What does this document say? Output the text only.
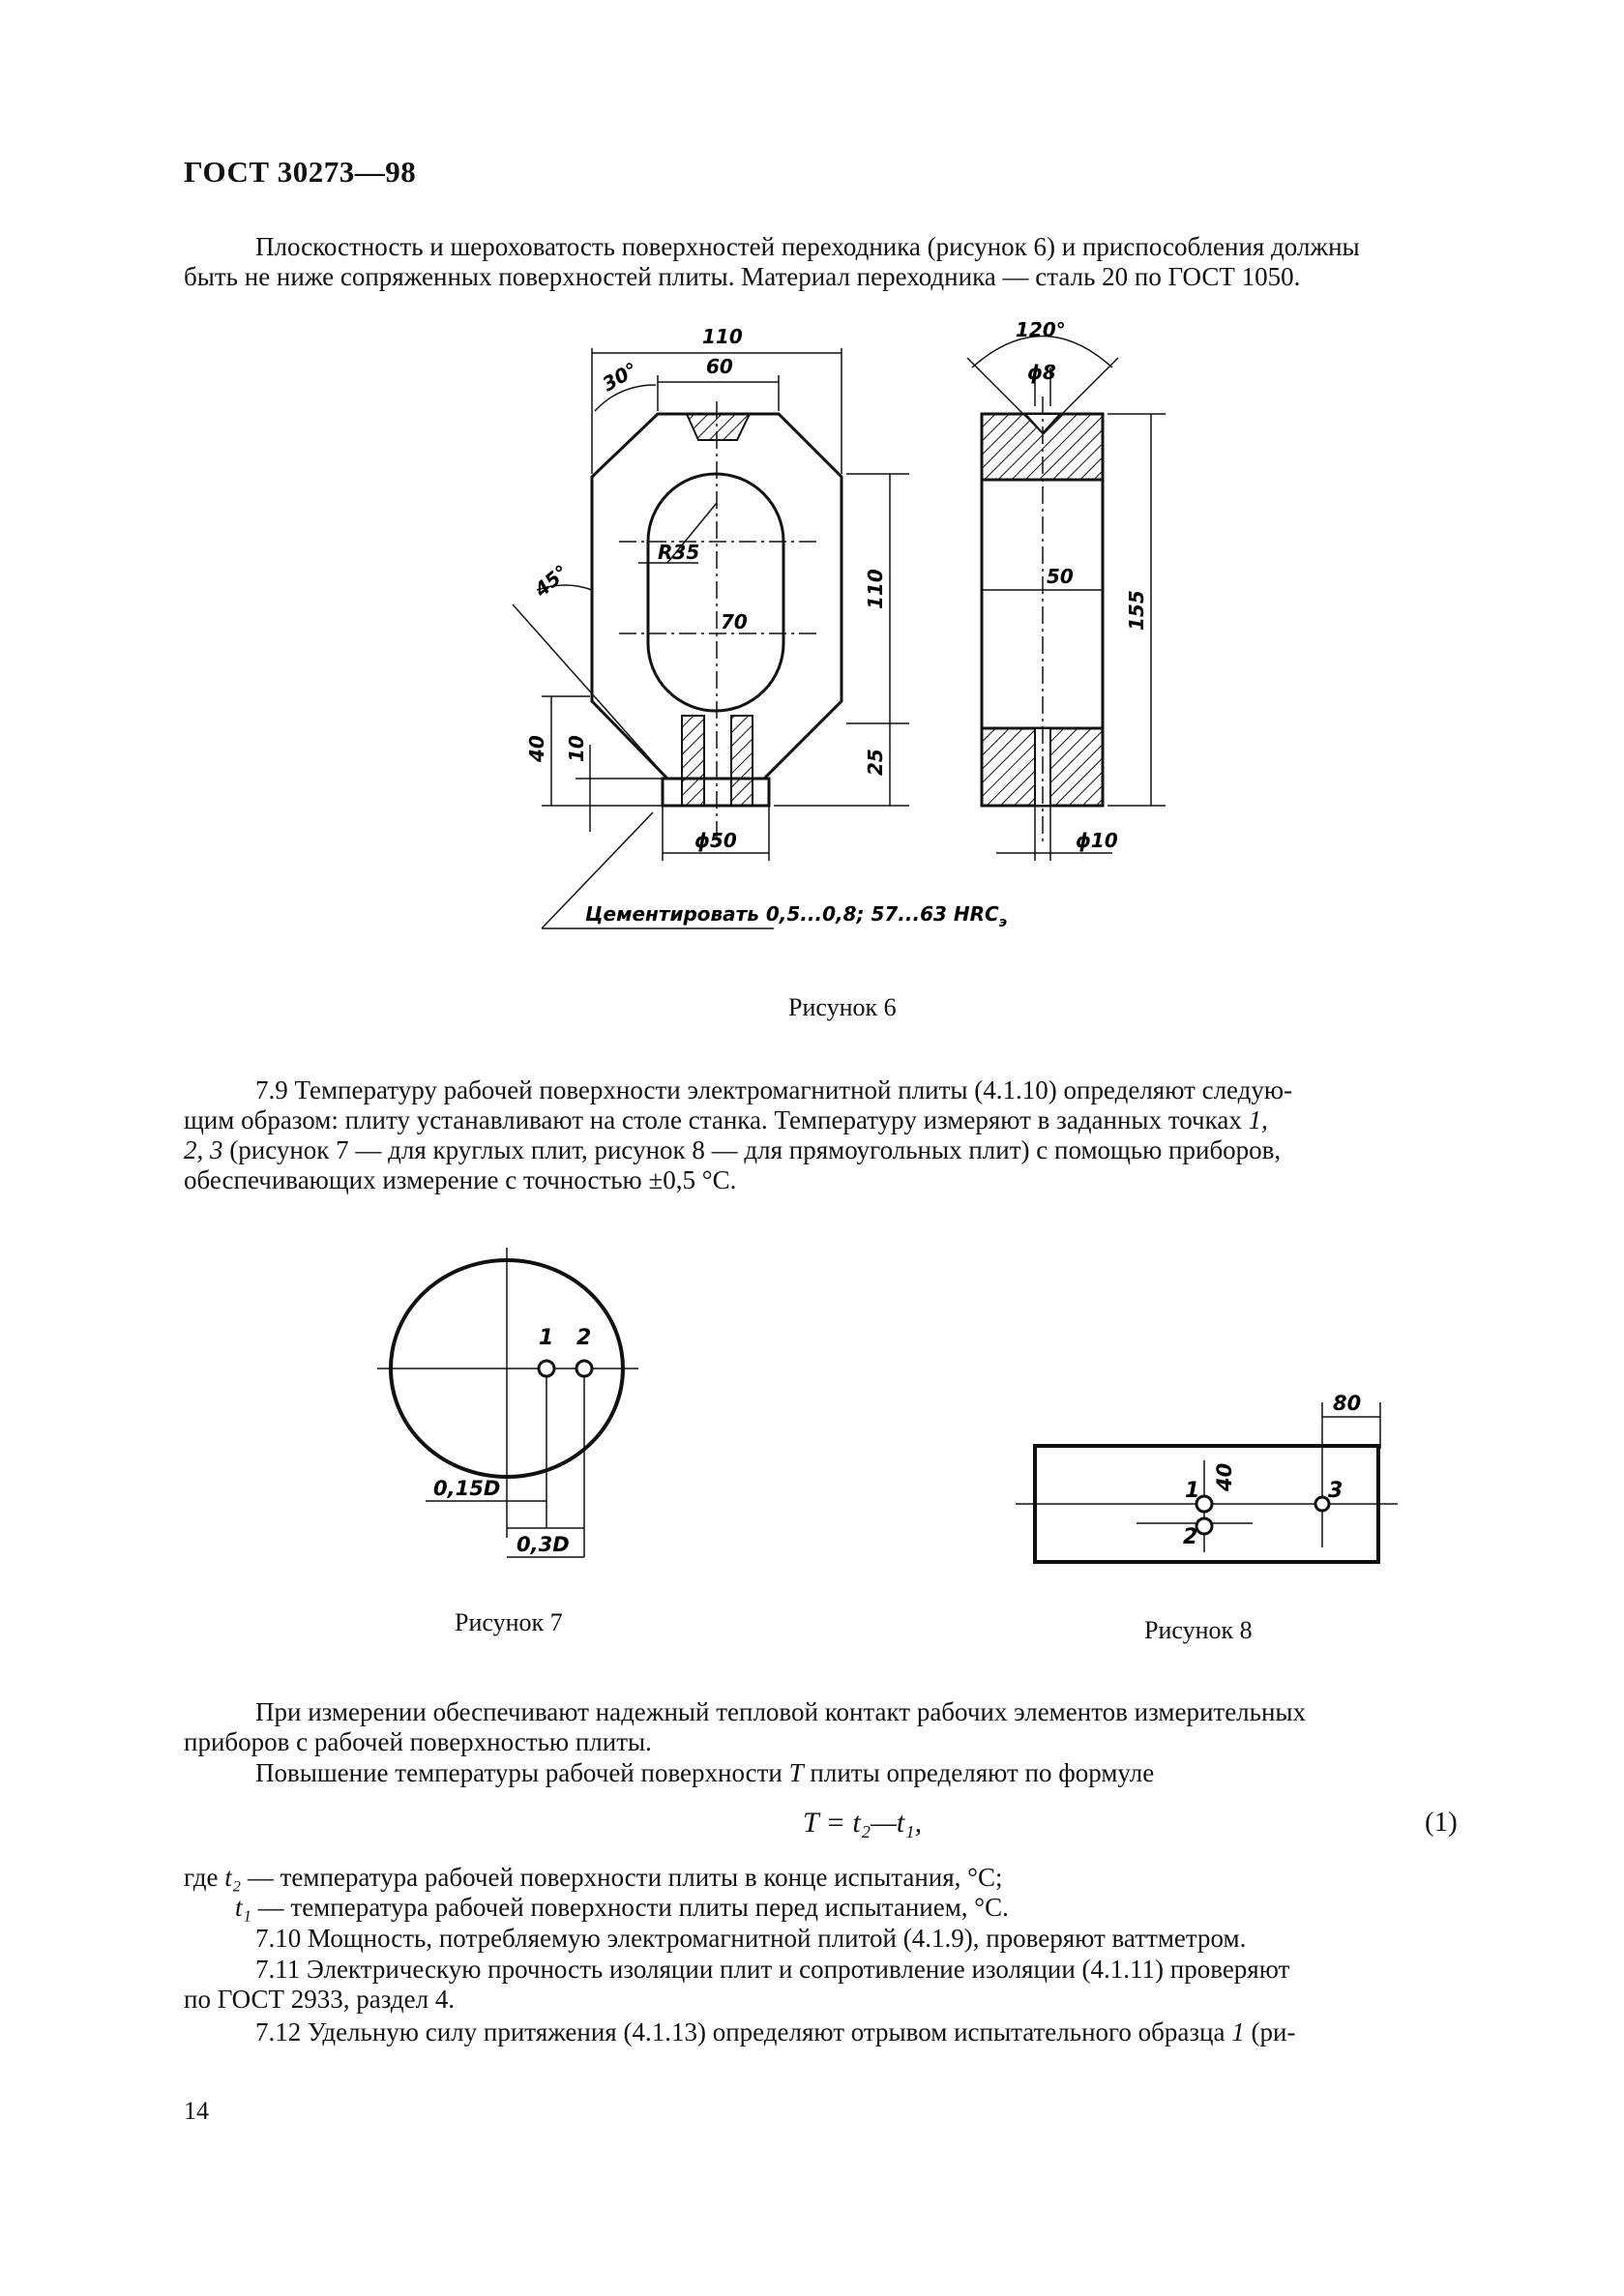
ГОСТ 30273—98
Плоскостность и шероховатость поверхностей переходника (рисунок 6) и приспособления должны
быть не ниже сопряженных поверхностей плиты. Материал переходника — сталь 20 по ГОСТ 1050.
110
60
30°
R35
70
110
45°
40 10
25
ϕ50
120°
ϕ8
50
155
ϕ10
Цементировать 0,5...0,8; 57...63 $HRC_э$
Рисунок 6
7.9 Температуру рабочей поверхности электромагнитной плиты (4.1.10) определяют следую-
щим образом: плиту устанавливают на столе станка. Температуру измеряют в заданных точках 1,
2, 3 (рисунок 7 — для круглых плит, рисунок 8 — для прямоугольных плит) с помощью приборов,
обеспечивающих измерение с точностью ±0,5 °С.
1 2
0,15D
0,3D
Рисунок 7
1
2
3
80
40
Рисунок 8
При измерении обеспечивают надежный тепловой контакт рабочих элементов измерительных
приборов с рабочей поверхностью плиты.
Повышение температуры рабочей поверхности T плиты определяют по формуле
T = t₂—t₁,	(1)
где t₂ — температура рабочей поверхности плиты в конце испытания, °С;
t₁ — температура рабочей поверхности плиты перед испытанием, °С.
7.10 Мощность, потребляемую электромагнитной плитой (4.1.9), проверяют ваттметром.
7.11 Электрическую прочность изоляции плит и сопротивление изоляции (4.1.11) проверяют
по ГОСТ 2933, раздел 4.
7.12 Удельную силу притяжения (4.1.13) определяют отрывом испытательного образца 1 (ри-
14
